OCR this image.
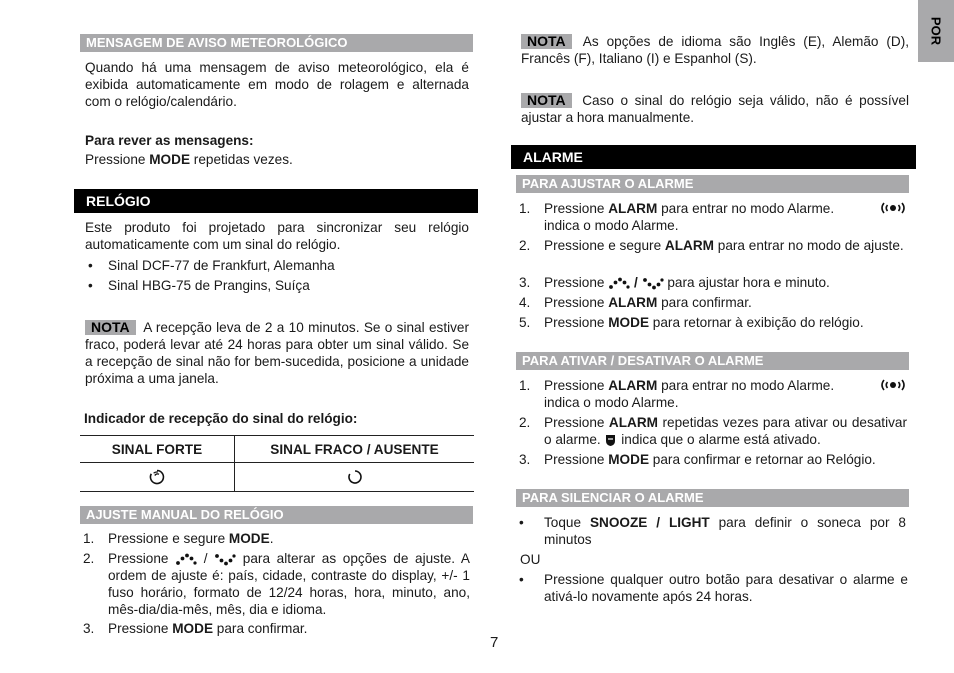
POR
MENSAGEM DE AVISO METEOROLÓGICO
Quando há uma mensagem de aviso meteorológico, ela é exibida automaticamente em modo de rolagem e alternada com o relógio/calendário.
Para rever as mensagens:
Pressione MODE repetidas vezes.
RELÓGIO
Este produto foi projetado para sincronizar seu relógio automaticamente com um sinal do relógio.
• Sinal DCF-77 de Frankfurt, Alemanha
• Sinal HBG-75 de Prangins, Suíça
NOTA A recepção leva de 2 a 10 minutos. Se o sinal estiver fraco, poderá levar até 24 horas para obter um sinal válido. Se a recepção de sinal não for bem-sucedida, posicione a unidade próxima a uma janela.
Indicador de recepção do sinal do relógio:
SINAL FORTE	SINAL FRACO / AUSENTE

AJUSTE MANUAL DO RELÓGIO
1. Pressione e segure MODE.
2. Pressione	/	para alterar as opções de ajuste. A ordem de ajuste é: país, cidade, contraste do display, +/- 1 fuso horário, formato de 12/24 horas, hora, minuto, ano, mês-dia/dia-mês, mês, dia e idioma.
3. Pressione MODE para confirmar.
NOTA As opções de idioma são Inglês (E), Alemão (D), Francês (F), Italiano (I) e Espanhol (S).
NOTA Caso o sinal do relógio seja válido, não é possível ajustar a hora manualmente.
ALARME
PARA AJUSTAR O ALARME
1. Pressione ALARM para entrar no modo Alarme.
indica o modo Alarme.
2. Pressione e segure ALARM para entrar no modo de ajuste.
3. Pressione / para ajustar hora e minuto.
4. Pressione ALARM para confirmar.
5. Pressione MODE para retornar à exibição do relógio.
PARA ATIVAR / DESATIVAR O ALARME
1. Pressione ALARM para entrar no modo Alarme.
indica o modo Alarme.
2. Pressione ALARM repetidas vezes para ativar ou desativar o alarme. indica que o alarme está ativado.
3. Pressione MODE para confirmar e retornar ao Relógio.
PARA SILENCIAR O ALARME
• Toque SNOOZE / LIGHT para definir o soneca por 8 minutos
OU
• Pressione qualquer outro botão para desativar o alarme e ativá-lo novamente após 24 horas.
7
